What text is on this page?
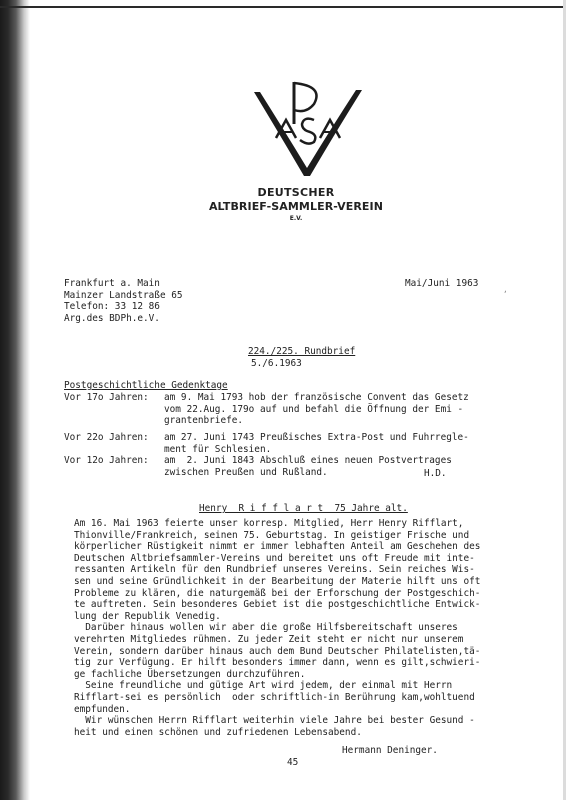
DEUTSCHER
ALTBRIEF-SAMMLER-VEREIN
E.V.
Frankfurt a. Main
Mainzer Landstraße 65
Telefon: 33 12 86
Arg.des BDPh.e.V.
Mai/Juni 1963
,
224./225. Rundbrief
5./6.1963
Postgeschichtliche Gedenktage

Vor 17o Jahren:

am 9. Mai 1793 hob der französische Convent das Gesetz
vom 22.Aug. 179o auf und befahl die Öffnung der Emi -
grantenbriefe.

Vor 22o Jahren:

am 27. Juni 1743 Preußisches Extra-Post und Fuhrregle-
ment für Schlesien.

Vor 12o Jahren:

am  2. Juni 1843 Abschluß eines neuen Postvertrages
zwischen Preußen und Rußland.	H.D.
Henry  R i f f l a r t  75 Jahre alt.
Am 16. Mai 1963 feierte unser korresp. Mitglied, Herr Henry Rifflart,
Thionville/Frankreich, seinen 75. Geburtstag. In geistiger Frische und
körperlicher Rüstigkeit nimmt er immer lebhaften Anteil am Geschehen des
Deutschen Altbriefsammler-Vereins und bereitet uns oft Freude mit inte-
ressanten Artikeln für den Rundbrief unseres Vereins. Sein reiches Wis-
sen und seine Gründlichkeit in der Bearbeitung der Materie hilft uns oft
Probleme zu klären, die naturgemäß bei der Erforschung der Postgeschich-
te auftreten. Sein besonderes Gebiet ist die postgeschichtliche Entwick-
lung der Republik Venedig.
Darüber hinaus wollen wir aber die große Hilfsbereitschaft unseres
verehrten Mitgliedes rühmen. Zu jeder Zeit steht er nicht nur unserem
Verein, sondern darüber hinaus auch dem Bund Deutscher Philatelisten,tä-
tig zur Verfügung. Er hilft besonders immer dann, wenn es gilt,schwieri-
ge fachliche Übersetzungen durchzuführen.
Seine freundliche und gütige Art wird jedem, der einmal mit Herrn
Rifflart-sei es persönlich  oder schriftlich-in Berührung kam,wohltuend
empfunden.
Wir wünschen Herrn Rifflart weiterhin viele Jahre bei bester Gesund -
heit und einen schönen und zufriedenen Lebensabend.
Hermann Deninger.
45
